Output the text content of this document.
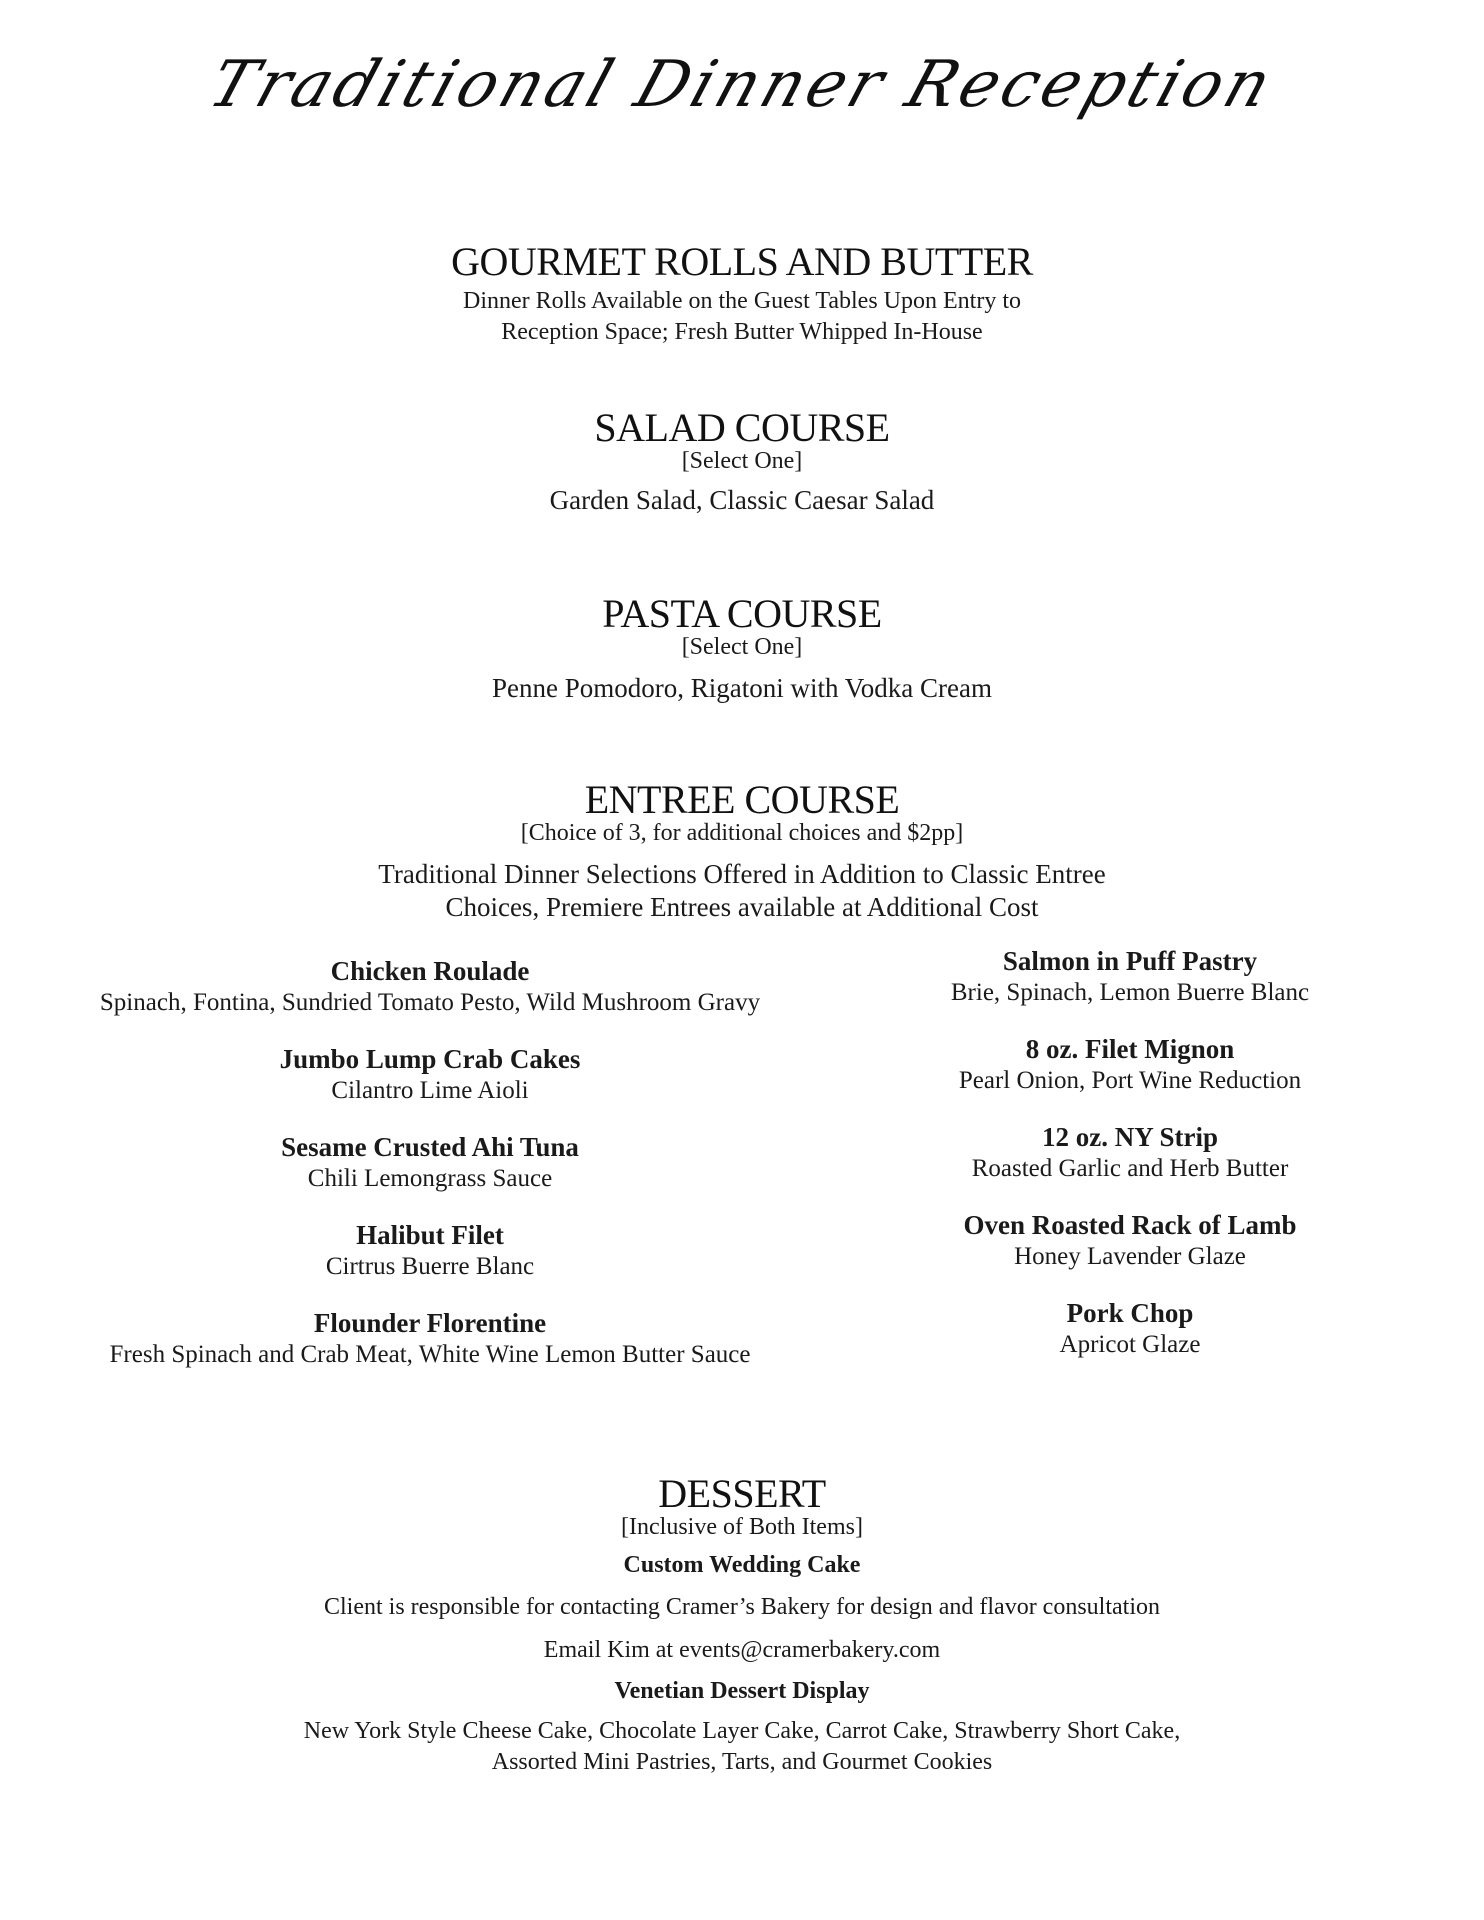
Traditional Dinner Reception
GOURMET ROLLS AND BUTTER
Dinner Rolls Available on the Guest Tables Upon Entry to
Reception Space; Fresh Butter Whipped In-House
SALAD COURSE
[Select One]
Garden Salad, Classic Caesar Salad
PASTA COURSE
[Select One]
Penne Pomodoro, Rigatoni with Vodka Cream
ENTREE COURSE
[Choice of 3, for additional choices and $2pp]
Traditional Dinner Selections Offered in Addition to Classic Entree
Choices, Premiere Entrees available at Additional Cost
Chicken Roulade
Spinach, Fontina, Sundried Tomato Pesto, Wild Mushroom Gravy
Jumbo Lump Crab Cakes
Cilantro Lime Aioli
Sesame Crusted Ahi Tuna
Chili Lemongrass Sauce
Halibut Filet
Cirtrus Buerre Blanc
Flounder Florentine
Fresh Spinach and Crab Meat, White Wine Lemon Butter Sauce
Salmon in Puff Pastry
Brie, Spinach, Lemon Buerre Blanc
8 oz. Filet Mignon
Pearl Onion, Port Wine Reduction
12 oz. NY Strip
Roasted Garlic and Herb Butter
Oven Roasted Rack of Lamb
Honey Lavender Glaze
Pork Chop
Apricot Glaze
DESSERT
[Inclusive of Both Items]
Custom Wedding Cake
Client is responsible for contacting Cramer’s Bakery for design and flavor consultation
Email Kim at events@cramerbakery.com
Venetian Dessert Display
New York Style Cheese Cake, Chocolate Layer Cake, Carrot Cake, Strawberry Short Cake,
Assorted Mini Pastries, Tarts, and Gourmet Cookies
